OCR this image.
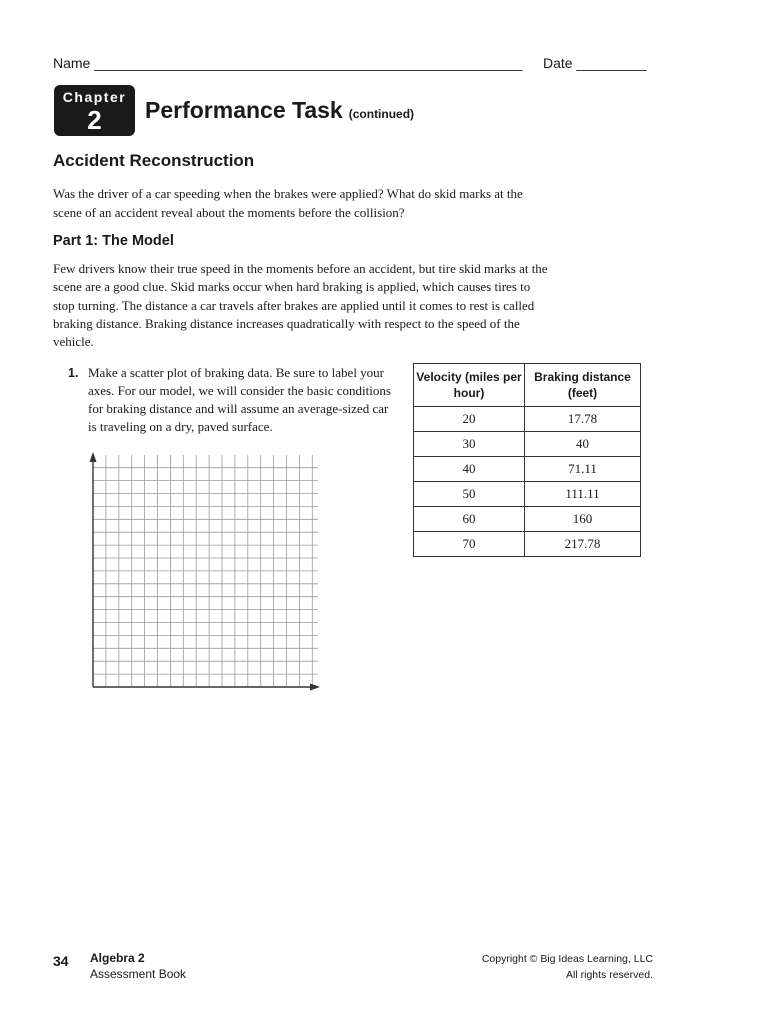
Name _______________________________________________________ Date _________
Chapter
2	Performance Task (continued)
Accident Reconstruction
Was the driver of a car speeding when the brakes were applied? What do skid marks at the scene of an accident reveal about the moments before the collision?
Part 1: The Model
Few drivers know their true speed in the moments before an accident, but tire skid marks at the scene are a good clue. Skid marks occur when hard braking is applied, which causes tires to stop turning. The distance a car travels after brakes are applied until it comes to rest is called braking distance. Braking distance increases quadratically with respect to the speed of the vehicle.
1. Make a scatter plot of braking data. Be sure to label your axes. For our model, we will consider the basic conditions for braking distance and will assume an average-sized car is traveling on a dry, paved surface.
Velocity (miles per hour)	Braking distance (feet)
20	17.78
30	40
40	71.11
50	111.11
60	160
70	217.78
34 Algebra 2
Assessment Book
Copyright © Big Ideas Learning, LLC
All rights reserved.
